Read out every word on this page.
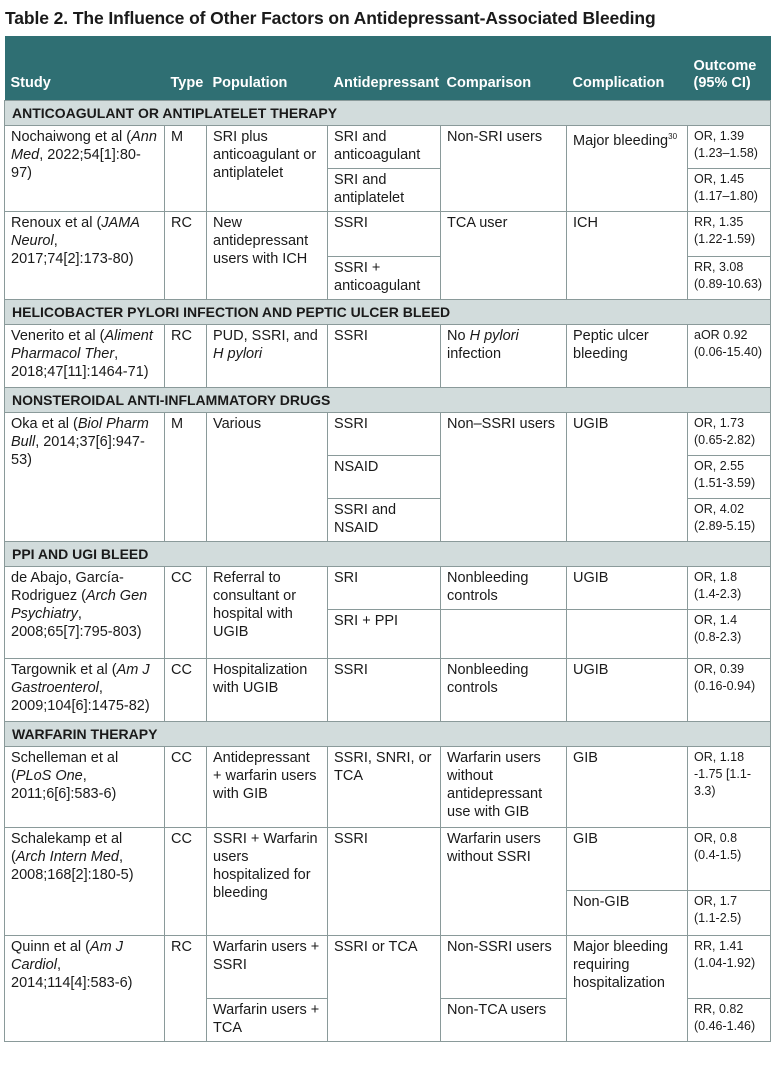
Table 2. The Influence of Other Factors on Antidepressant-Associated Bleeding
Study	Type	Population	Antidepressant	Comparison	Complication	Outcome
(95% CI)
ANTICOAGULANT OR ANTIPLATELET THERAPY						
Nochaiwong et al (Ann Med, 2022;54[1]:80-97)	M	SRI plus anticoagulant or antiplatelet	SRI and anticoagulant	Non-SRI users	Major bleeding$^{30}$	OR, 1.39 (1.23–1.58)
			SRI and antiplatelet			OR, 1.45 (1.17–1.80)
Renoux et al (JAMA Neurol, 2017;74[2]:173-80)	RC	New antidepressant users with ICH	SSRI	TCA user	ICH	RR, 1.35 (1.22-1.59)
			SSRI + anticoagulant			RR, 3.08 (0.89-10.63)
HELICOBACTER PYLORI INFECTION AND PEPTIC ULCER BLEED						
Venerito et al (Aliment Pharmacol Ther, 2018;47[11]:1464-71)	RC	PUD, SSRI, and H pylori	SSRI	No H pylori infection	Peptic ulcer bleeding	aOR 0.92 (0.06-15.40)
NONSTEROIDAL ANTI-INFLAMMATORY DRUGS						
Oka et al (Biol Pharm Bull, 2014;37[6]:947-53)	M	Various	SSRI	Non–SSRI users	UGIB	OR, 1.73 (0.65-2.82)
			NSAID			OR, 2.55 (1.51-3.59)
			SSRI and NSAID			OR, 4.02 (2.89-5.15)
PPI AND UGI BLEED						
de Abajo, García-Rodriguez (Arch Gen Psychiatry, 2008;65[7]:795-803)	CC	Referral to consultant or hospital with UGIB	SRI	Nonbleeding controls	UGIB	OR, 1.8 (1.4-2.3)
			SRI + PPI			OR, 1.4 (0.8-2.3)
Targownik et al (Am J Gastroenterol, 2009;104[6]:1475-82)	CC	Hospitalization with UGIB	SSRI	Nonbleeding controls	UGIB	OR, 0.39 (0.16-0.94)
WARFARIN THERAPY						
Schelleman et al (PLoS One, 2011;6[6]:583-6)	CC	Antidepressant + warfarin users with GIB	SSRI, SNRI, or TCA	Warfarin users without antidepressant use with GIB	GIB	OR, 1.18 -1.75 [1.1-3.3)
Schalekamp et al (Arch Intern Med, 2008;168[2]:180-5)	CC	SSRI + Warfarin users hospitalized for bleeding	SSRI	Warfarin users without SSRI	GIB	OR, 0.8 (0.4-1.5)
					Non-GIB	OR, 1.7 (1.1-2.5)
Quinn et al (Am J Cardiol, 2014;114[4]:583-6)	RC	Warfarin users + SSRI	SSRI or TCA	Non-SSRI users	Major bleeding requiring hospitalization	RR, 1.41 (1.04-1.92)
		Warfarin users + TCA		Non-TCA users		RR, 0.82 (0.46-1.46)
